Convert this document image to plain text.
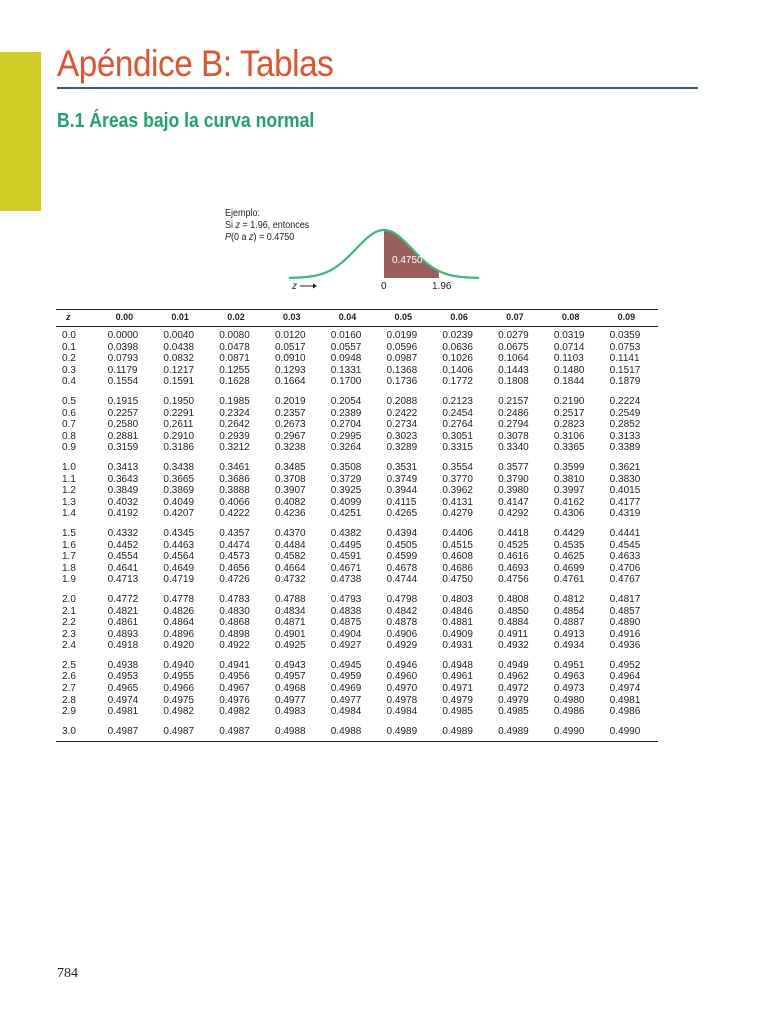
Apéndice B: Tablas
B.1 Áreas bajo la curva normal
Ejemplo:
Si z = 1.96, entonces
P(0 a z) = 0.4750
0.4750
z	0	1.96
z	0.00	0.01	0.02	0.03	0.04	0.05	0.06	0.07	0.08	0.09
0.0	0.0000	0.0040	0.0080	0.0120	0.0160	0.0199	0.0239	0.0279	0.0319	0.0359
0.1	0.0398	0.0438	0.0478	0.0517	0.0557	0.0596	0.0636	0.0675	0.0714	0.0753
0.2	0.0793	0.0832	0.0871	0.0910	0.0948	0.0987	0.1026	0.1064	0.1103	0.1141
0.3	0.1179	0.1217	0.1255	0.1293	0.1331	0.1368	0.1406	0.1443	0.1480	0.1517
0.4	0.1554	0.1591	0.1628	0.1664	0.1700	0.1736	0.1772	0.1808	0.1844	0.1879
0.5	0.1915	0.1950	0.1985	0.2019	0.2054	0.2088	0.2123	0.2157	0.2190	0.2224
0.6	0.2257	0.2291	0.2324	0.2357	0.2389	0.2422	0.2454	0.2486	0.2517	0.2549
0.7	0.2580	0.2611	0.2642	0.2673	0.2704	0.2734	0.2764	0.2794	0.2823	0.2852
0.8	0.2881	0.2910	0.2939	0.2967	0.2995	0.3023	0.3051	0.3078	0.3106	0.3133
0.9	0.3159	0.3186	0.3212	0.3238	0.3264	0.3289	0.3315	0.3340	0.3365	0.3389
1.0	0.3413	0.3438	0.3461	0.3485	0.3508	0.3531	0.3554	0.3577	0.3599	0.3621
1.1	0.3643	0.3665	0.3686	0.3708	0.3729	0.3749	0.3770	0.3790	0.3810	0.3830
1.2	0.3849	0.3869	0.3888	0.3907	0.3925	0.3944	0.3962	0.3980	0.3997	0.4015
1.3	0.4032	0.4049	0.4066	0.4082	0.4099	0.4115	0.4131	0.4147	0.4162	0.4177
1.4	0.4192	0.4207	0.4222	0.4236	0.4251	0.4265	0.4279	0.4292	0.4306	0.4319
1.5	0.4332	0.4345	0.4357	0.4370	0.4382	0.4394	0.4406	0.4418	0.4429	0.4441
1.6	0.4452	0.4463	0.4474	0.4484	0.4495	0.4505	0.4515	0.4525	0.4535	0.4545
1.7	0.4554	0.4564	0.4573	0.4582	0.4591	0.4599	0.4608	0.4616	0.4625	0.4633
1.8	0.4641	0.4649	0.4656	0.4664	0.4671	0.4678	0.4686	0.4693	0.4699	0.4706
1.9	0.4713	0.4719	0.4726	0.4732	0.4738	0.4744	0.4750	0.4756	0.4761	0.4767
2.0	0.4772	0.4778	0.4783	0.4788	0.4793	0.4798	0.4803	0.4808	0.4812	0.4817
2.1	0.4821	0.4826	0.4830	0.4834	0.4838	0.4842	0.4846	0.4850	0.4854	0.4857
2.2	0.4861	0.4864	0.4868	0.4871	0.4875	0.4878	0.4881	0.4884	0.4887	0.4890
2.3	0.4893	0.4896	0.4898	0.4901	0.4904	0.4906	0.4909	0.4911	0.4913	0.4916
2.4	0.4918	0.4920	0.4922	0.4925	0.4927	0.4929	0.4931	0.4932	0.4934	0.4936
2.5	0.4938	0.4940	0.4941	0.4943	0.4945	0.4946	0.4948	0.4949	0.4951	0.4952
2.6	0.4953	0.4955	0.4956	0.4957	0.4959	0.4960	0.4961	0.4962	0.4963	0.4964
2.7	0.4965	0.4966	0.4967	0.4968	0.4969	0.4970	0.4971	0.4972	0.4973	0.4974
2.8	0.4974	0.4975	0.4976	0.4977	0.4977	0.4978	0.4979	0.4979	0.4980	0.4981
2.9	0.4981	0.4982	0.4982	0.4983	0.4984	0.4984	0.4985	0.4985	0.4986	0.4986
3.0	0.4987	0.4987	0.4987	0.4988	0.4988	0.4989	0.4989	0.4989	0.4990	0.4990
784
